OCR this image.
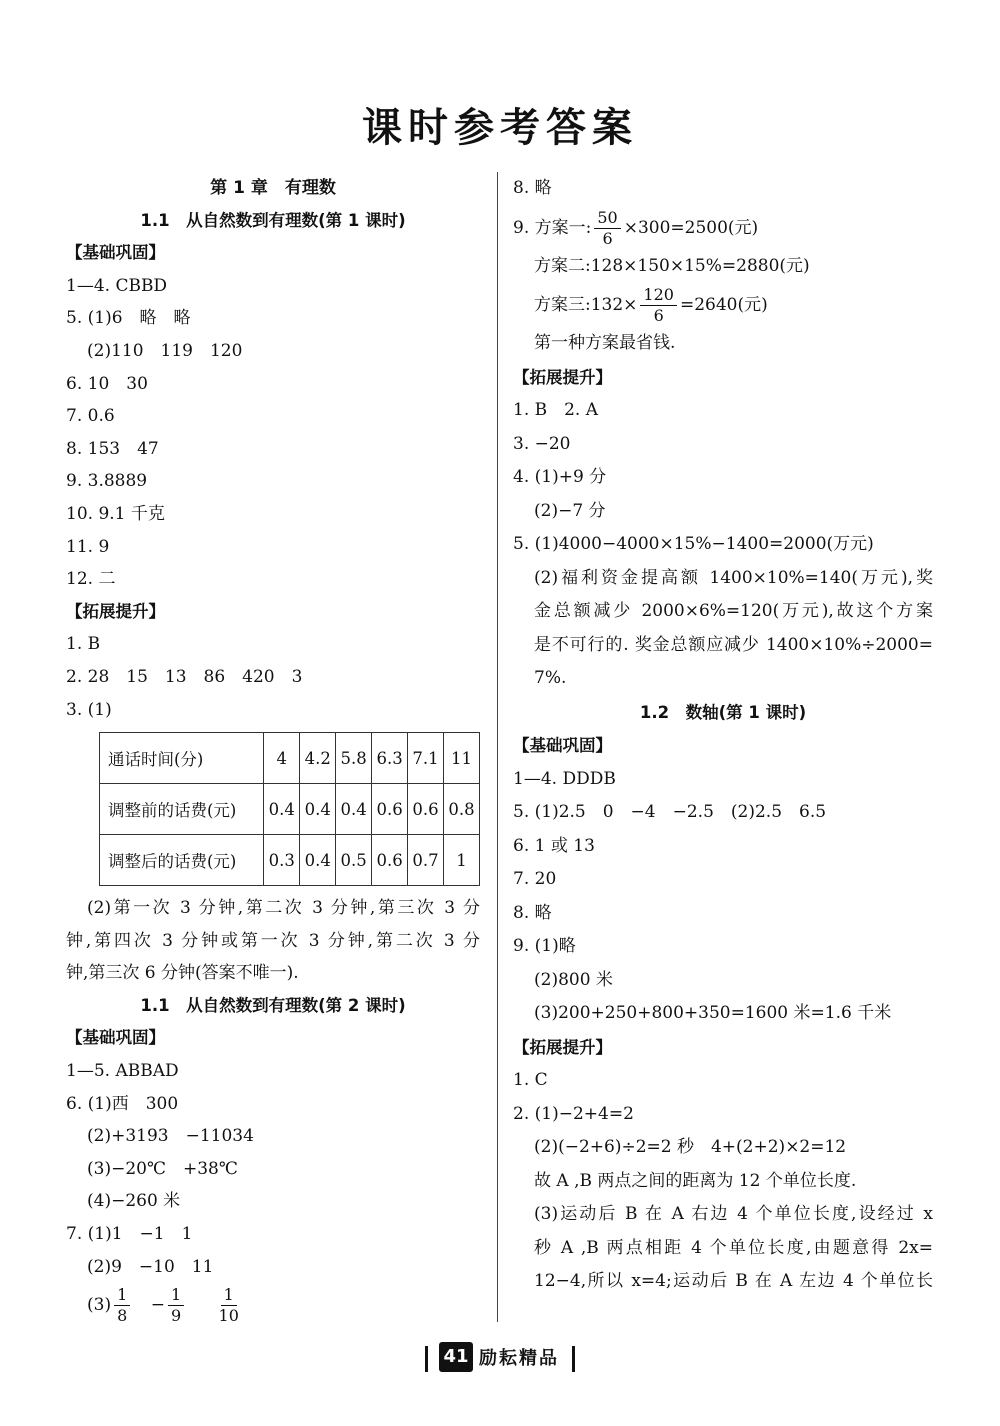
课时参考答案
第 1 章　有理数
1.1　从自然数到有理数(第 1 课时)
【基础巩固】
1—4. CBBD
5. (1)6　略　略
(2)110　119　120
6. 10　30
7. 0.6
8. 153　47
9. 3.8889
10. 9.1 千克
11. 9
12. 二
【拓展提升】
1. B
2. 28　15　13　86　420　3
3. (1)
通话时间(分)	4	4.2	5.8	6.3	7.1	11
调整前的话费(元)	0.4	0.4	0.4	0.6	0.6	0.8
调整后的话费(元)	0.3	0.4	0.5	0.6	0.7	1
(2)第一次 3 分钟,第二次 3 分钟,第三次 3 分
钟,第四次 3 分钟或第一次 3 分钟,第二次 3 分
钟,第三次 6 分钟(答案不唯一).
1.1　从自然数到有理数(第 2 课时)
【基础巩固】
1—5. ABBAD
6. (1)西　300
(2)+3193　−11034
(3)−20℃　+38℃
(4)−260 米
7. (1)1　−1　1
(2)9　−10　11
$(3) \frac{1}{8} - \frac{1}{9}$
$\frac{1}{10}$
8. 略
9. 方案一: $\frac{50}{6} \times 300=2500$(元)
方案二:128×150×15%=2880(元)
方案三:132× $\frac{120}{6} =2640$(元)
第一种方案最省钱.
【拓展提升】
1. B　2. A
3. −20
4. (1)+9 分
(2)−7 分
5. (1)4000−4000×15%−1400=2000(万元)
(2)福利资金提高额 1400×10%=140(万元),奖
金总额减少 2000×6%=120(万元),故这个方案
是不可行的. 奖金总额应减少 1400×10%÷2000=
7%.
1.2　数轴(第 1 课时)
【基础巩固】
1—4. DDDB
5. (1)2.5　0　−4　−2.5　(2)2.5　6.5
6. 1 或 13
7. 20
8. 略
9. (1)略
(2)800 米
(3)200+250+800+350=1600 米=1.6 千米
【拓展提升】
1. C
2. (1)−2+4=2
(2)(−2+6)÷2=2 秒　4+(2+2)×2=12
故 A ,B 两点之间的距离为 12 个单位长度.
(3)运动后 B 在 A 右边 4 个单位长度,设经过 x
秒 A ,B 两点相距 4 个单位长度,由题意得 2x=
12−4,所以 x=4;运动后 B 在 A 左边 4 个单位长
41 励耘精品
